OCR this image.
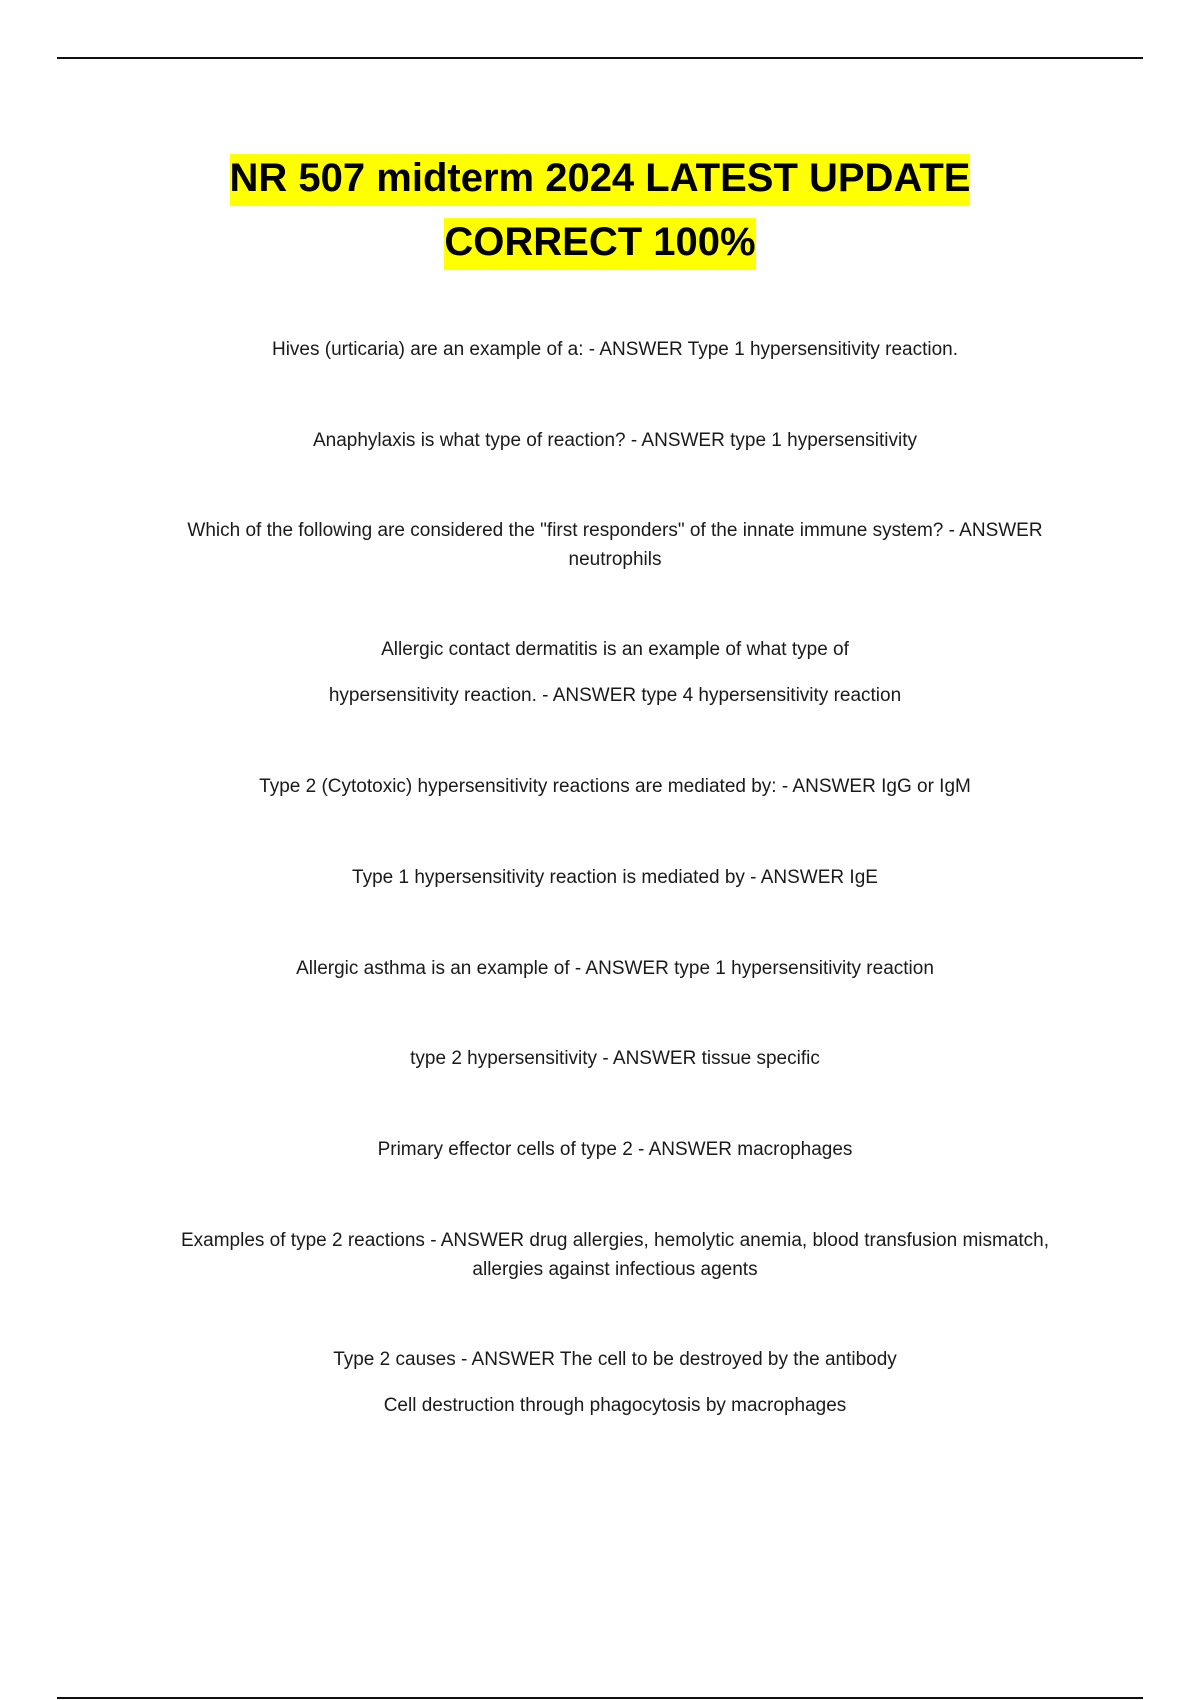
NR 507 midterm 2024 LATEST UPDATE
CORRECT 100%
Hives (urticaria) are an example of a: - ANSWER Type 1 hypersensitivity reaction.
Anaphylaxis is what type of reaction? - ANSWER type 1 hypersensitivity
Which of the following are considered the "first responders" of the innate immune system? - ANSWER
neutrophils
Allergic contact dermatitis is an example of what type of
hypersensitivity reaction. - ANSWER type 4 hypersensitivity reaction
Type 2 (Cytotoxic) hypersensitivity reactions are mediated by: - ANSWER IgG or IgM
Type 1 hypersensitivity reaction is mediated by - ANSWER IgE
Allergic asthma is an example of - ANSWER type 1 hypersensitivity reaction
type 2 hypersensitivity - ANSWER tissue specific
Primary effector cells of type 2 - ANSWER macrophages
Examples of type 2 reactions - ANSWER drug allergies, hemolytic anemia, blood transfusion mismatch,
allergies against infectious agents
Type 2 causes - ANSWER The cell to be destroyed by the antibody
Cell destruction through phagocytosis by macrophages
